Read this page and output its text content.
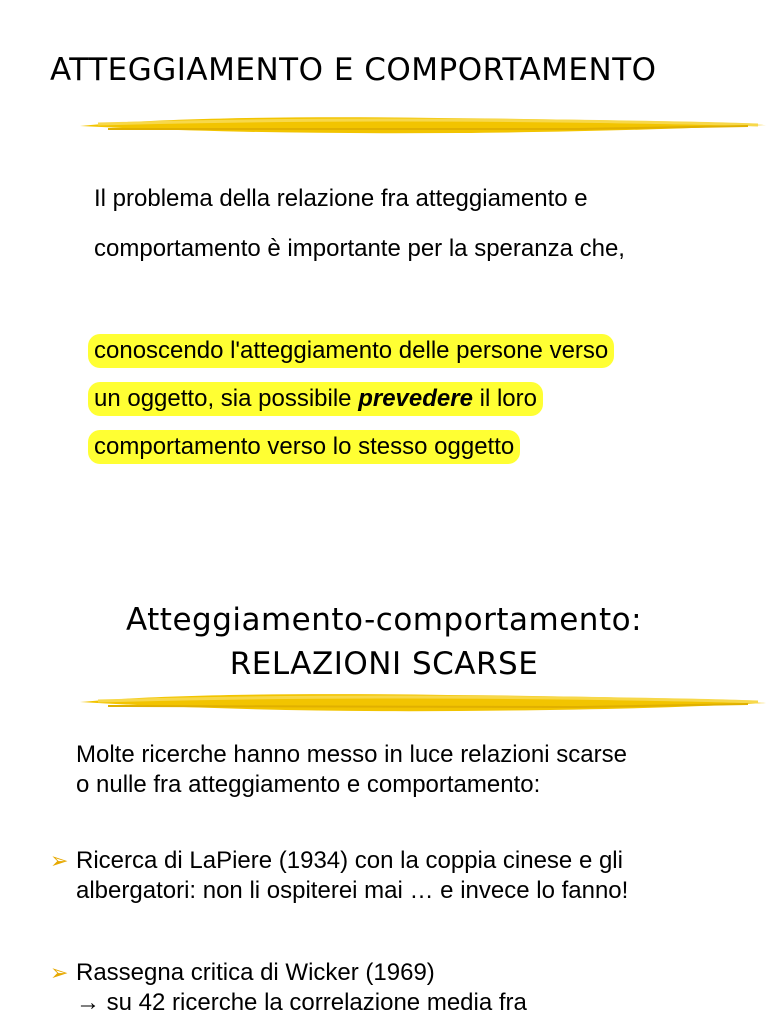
ATTEGGIAMENTO E COMPORTAMENTO
Il problema della relazione fra atteggiamento e
comportamento è importante per la speranza che,
conoscendo l'atteggiamento delle persone verso
un oggetto, sia possibile prevedere il loro
comportamento verso lo stesso oggetto
Atteggiamento-comportamento:
RELAZIONI SCARSE
Molte ricerche hanno messo in luce relazioni scarse
o nulle fra atteggiamento e comportamento:
➢ Ricerca di LaPiere (1934) con la coppia cinese e gli
albergatori: non li ospiterei mai … e invece lo fanno!
➢ Rassegna critica di Wicker (1969)
→ su 42 ricerche la correlazione media fra
